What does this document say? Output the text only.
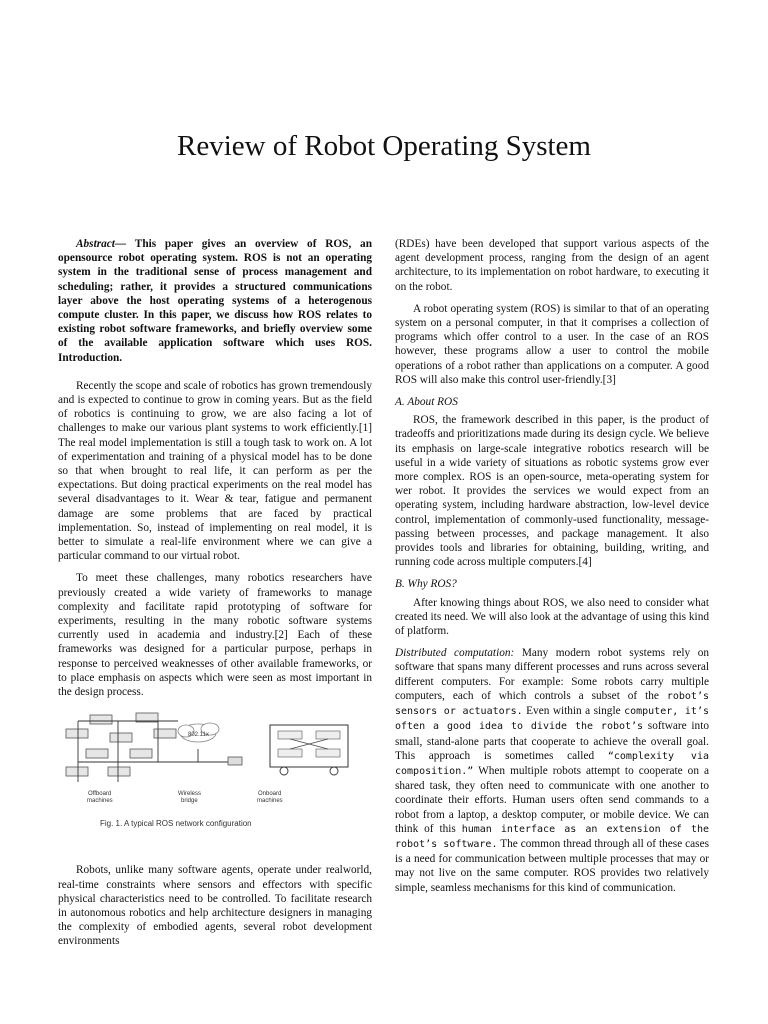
Review of Robot Operating System

Abstract— This paper gives an overview of ROS, an opensource robot operating system. ROS is not an operating system in the traditional sense of process management and scheduling; rather, it provides a structured communications layer above the host operating systems of a heterogenous compute cluster. In this paper, we discuss how ROS relates to existing robot software frameworks, and briefly overview some of the available application software which uses ROS. Introduction.

Recently the scope and scale of robotics has grown tremendously and is expected to continue to grow in coming years. But as the field of robotics is continuing to grow, we are also facing a lot of challenges to make our various plant systems to work efficiently.[1] The real model implementation is still a tough task to work on. A lot of experimentation and training of a physical model has to be done so that when brought to real life, it can perform as per the expectations. But doing practical experiments on the real model has several disadvantages to it. Wear & tear, fatigue and permanent damage are some problems that are faced by practical implementation. So, instead of implementing on real model, it is better to simulate a real-life environment where we can give a particular command to our virtual robot.

To meet these challenges, many robotics researchers have previously created a wide variety of frameworks to manage complexity and facilitate rapid prototyping of software for experiments, resulting in the many robotic software systems currently used in academia and industry.[2] Each of these frameworks was designed for a particular purpose, perhaps in response to perceived weaknesses of other available frameworks, or to place emphasis on aspects which were seen as most important in the design process.

802.11x
Offboard machines
Wireless bridge
Onboard machines
Fig. 1. A typical ROS network configuration

Robots, unlike many software agents, operate under realworld, real-time constraints where sensors and effectors with specific physical characteristics need to be controlled. To facilitate research in autonomous robotics and help architecture designers in managing the complexity of embodied agents, several robot development environments

(RDEs) have been developed that support various aspects of the agent development process, ranging from the design of an agent architecture, to its implementation on robot hardware, to executing it on the robot.

A robot operating system (ROS) is similar to that of an operating system on a personal computer, in that it comprises a collection of programs which offer control to a user. In the case of an ROS however, these programs allow a user to control the mobile operations of a robot rather than applications on a computer. A good ROS will also make this control user-friendly.[3]

A. About ROS

ROS, the framework described in this paper, is the product of tradeoffs and prioritizations made during its design cycle. We believe its emphasis on large-scale integrative robotics research will be useful in a wide variety of situations as robotic systems grow ever more complex. ROS is an open-source, meta-operating system for wer robot. It provides the services we would expect from an operating system, including hardware abstraction, low-level device control, implementation of commonly-used functionality, message-passing between processes, and package management. It also provides tools and libraries for obtaining, building, writing, and running code across multiple computers.[4]

B. Why ROS?

After knowing things about ROS, we also need to consider what created its need. We will also look at the advantage of using this kind of platform.

Distributed computation: Many modern robot systems rely on software that spans many different processes and runs across several different computers. For example: Some robots carry multiple computers, each of which controls a subset of the robot’s sensors or actuators. Even within a single computer, it’s often a good idea to divide the robot’s software into small, stand-alone parts that cooperate to achieve the overall goal. This approach is sometimes called “complexity via composition.” When multiple robots attempt to cooperate on a shared task, they often need to communicate with one another to coordinate their efforts. Human users often send commands to a robot from a laptop, a desktop computer, or mobile device. We can think of this human interface as an extension of the robot’s software. The common thread through all of these cases is a need for communication between multiple processes that may or may not live on the same computer. ROS provides two relatively simple, seamless mechanisms for this kind of communication.
